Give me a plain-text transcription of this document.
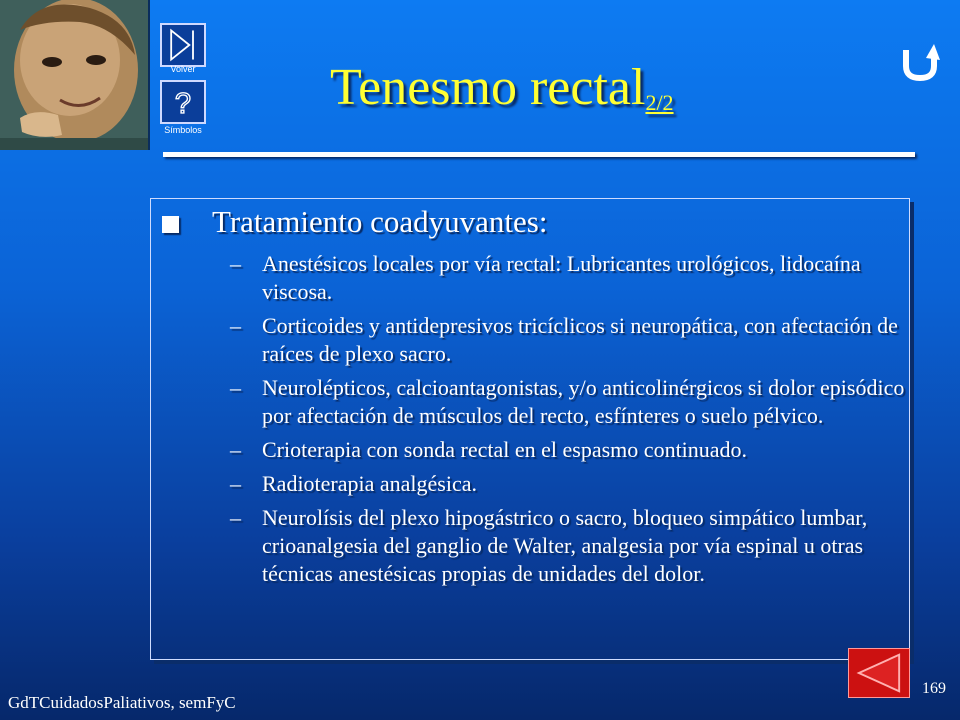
Volver
?
Símbolos
Tenesmo rectal$_{2/2}$
Tratamiento coadyuvantes:
– Anestésicos locales por vía rectal: Lubricantes urológicos, lidocaína viscosa.
– Corticoides y antidepresivos tricíclicos si neuropática, con afectación de raíces de plexo sacro.
– Neurolépticos, calcioantagonistas, y/o anticolinérgicos si dolor episódico por afectación de músculos del recto, esfínteres o suelo pélvico.
– Crioterapia con sonda rectal en el espasmo continuado.
– Radioterapia analgésica.
– Neurolísis del plexo hipogástrico o sacro, bloqueo simpático lumbar, crioanalgesia del ganglio de Walter, analgesia por vía espinal u otras técnicas anestésicas propias de unidades del dolor.
GdTCuidadosPaliativos, semFyC
169
